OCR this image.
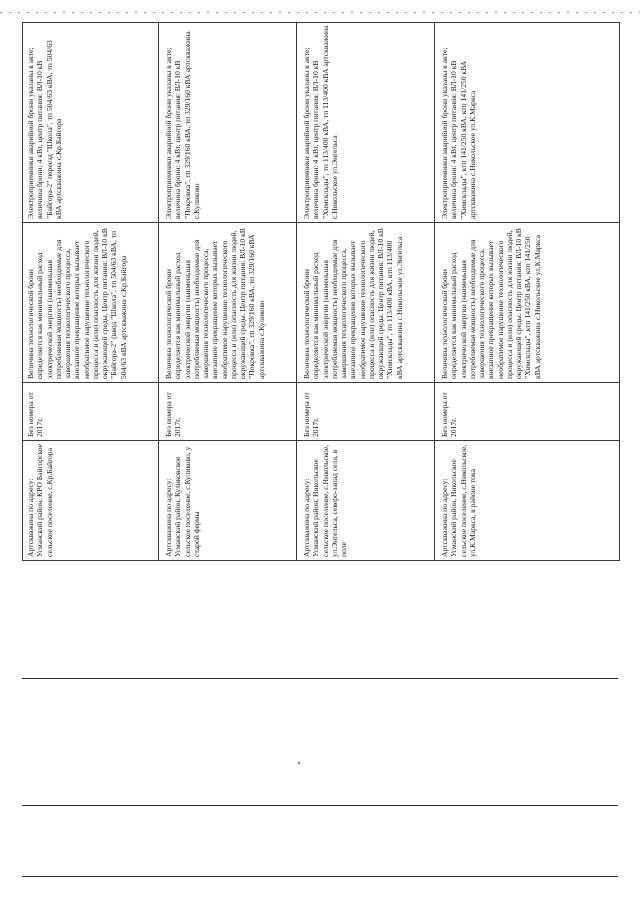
Артскважина по адресу: Усманский район, КРО Байгорское сельское поселение, с.Кр.Байгора
Без номера от 2017г.
Величина технологической брони определяется как минимальный расход электрической энергии (наименьшая потребляемая мощность) необходимые для завершения технологического процесса, внезапное прекращение которых вызывает необратимое нарушение технологического процесса и (или) опасность для жизни людей, окружающей среды. Центр питания: ВЛ-10 кВ "Байгора-2" (ввод "Школа", тп 504/63 кВА, тп 504/63 кВА артскважина с.Кр.Байгора
Электроприемники аварийной брони указаны в акте; величина брони: 4 кВт, центр питания: ВЛ-10 кВ "Байгора-2" переезд "Школа", тп 504/63 кВА, тп 504/63 кВА артскважина с.Кр.Байгора
Артскважина по адресу: Усманский район, Куликовское сельское поселение, с.Куликово, у старой фермы
Без номера от 2017г.
Величина технологической брони определяется как минимальный расход электрической энергии (наименьшая потребляемая мощность) необходимые для завершения технологического процесса, внезапное прекращение которых вызывает необратимое нарушение технологического процесса и (или) опасность для жизни людей, окружающей среды. Центр питания: ВЛ-10 кВ "Покровка", тп 329/160 кВА, тп 329/160 кВА артскважина с.Куликово
Электроприемники аварийной брони указаны в акте; величина брони: 4 кВт, центр питания: ВЛ-10 кВ "Покровка", тп 329/160 кВА, тп 329/160 кВА артскважина с.Куликово
Артскважина по адресу: Усманский район, Никольское сельское поселение, с.Никольское, ул.Энгельса, северо-запад села, в поле
Без номера от 2017г.
Величина технологической брони определяется как минимальный расход электрической энергии (наименьшая потребляемая мощность) необходимые для завершения технологического процесса, внезапное прекращение которых вызывает необратимое нарушение технологического процесса и (или) опасность для жизни людей, окружающей среды. Центр питания: ВЛ-10 кВ "Химсклады", тп 113/400 кВА, ктп 113/400 кВА артскважина с.Никольское ул.Энгельса
Электроприемники аварийной брони указаны в акте; величина брони: 4 кВт, центр питания: ВЛ-10 кВ "Химсклады", тп 113/400 кВА, тп 113/400 кВА артскважина с.Никольское ул.Энгельса
Артскважина по адресу: Усманский район, Никольское сельское поселение, с.Никольское, ул.К.Маркса, в районе тока
Без номера от 2017г.
Величина технологической брони определяется как минимальный расход электрической энергии (наименьшая потребляемая мощность) необходимые для завершения технологического процесса, внезапное прекращение которых вызывает необратимое нарушение технологического процесса и (или) опасность для жизни людей, окружающей среды. Центр питания: ВЛ-10 кВ "Химсклады", ктп 141/250 кВА, ктп 141/250 кВА артскважина с.Никольское ул.К.Маркса
Электроприемники аварийной брони указаны в акте; величина брони: 4 кВт, центр питания: ВЛ-10 кВ "Химсклады", ктп 141/250 кВА, ктп 141/250 кВА артскважина с.Никольское ул.К.Маркса
